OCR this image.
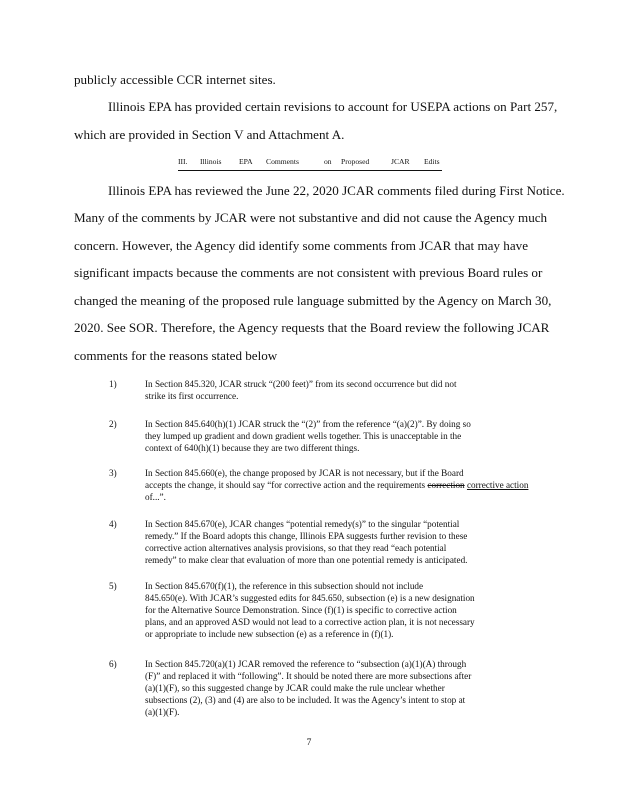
publicly accessible CCR internet sites.
Illinois EPA has provided certain revisions to account for USEPA actions on Part 257,
which are provided in Section V and Attachment A.
III. Illinois EPA Comments	on Proposed	JCAR Edits
Illinois EPA has reviewed the June 22, 2020 JCAR comments filed during First Notice.
Many of the comments by JCAR were not substantive and did not cause the Agency much
concern. However, the Agency did identify some comments from JCAR that may have
significant impacts because the comments are not consistent with previous Board rules or
changed the meaning of the proposed rule language submitted by the Agency on March 30,
2020. See SOR. Therefore, the Agency requests that the Board review the following JCAR
comments for the reasons stated below
1)	In Section 845.320, JCAR struck “(200 feet)” from its second occurrence but did not
strike its first occurrence.
2)	In Section 845.640(h)(1) JCAR struck the “(2)” from the reference “(a)(2)”. By doing so
they lumped up gradient and down gradient wells together. This is unacceptable in the
context of 640(h)(1) because they are two different things.
3)	In Section 845.660(e), the change proposed by JCAR is not necessary, but if the Board
accepts the change, it should say “for corrective action and the requirements correction corrective action
of...”.
4)	In Section 845.670(e), JCAR changes “potential remedy(s)” to the singular “potential
remedy.” If the Board adopts this change, Illinois EPA suggests further revision to these
corrective action alternatives analysis provisions, so that they read “each potential
remedy” to make clear that evaluation of more than one potential remedy is anticipated.
5)	In Section 845.670(f)(1), the reference in this subsection should not include
845.650(e). With JCAR’s suggested edits for 845.650, subsection (e) is a new designation
for the Alternative Source Demonstration. Since (f)(1) is specific to corrective action
plans, and an approved ASD would not lead to a corrective action plan, it is not necessary
or appropriate to include new subsection (e) as a reference in (f)(1).
6)	In Section 845.720(a)(1) JCAR removed the reference to “subsection (a)(1)(A) through
(F)” and replaced it with “following”. It should be noted there are more subsections after
(a)(1)(F), so this suggested change by JCAR could make the rule unclear whether
subsections (2), (3) and (4) are also to be included. It was the Agency’s intent to stop at
(a)(1)(F).
7
